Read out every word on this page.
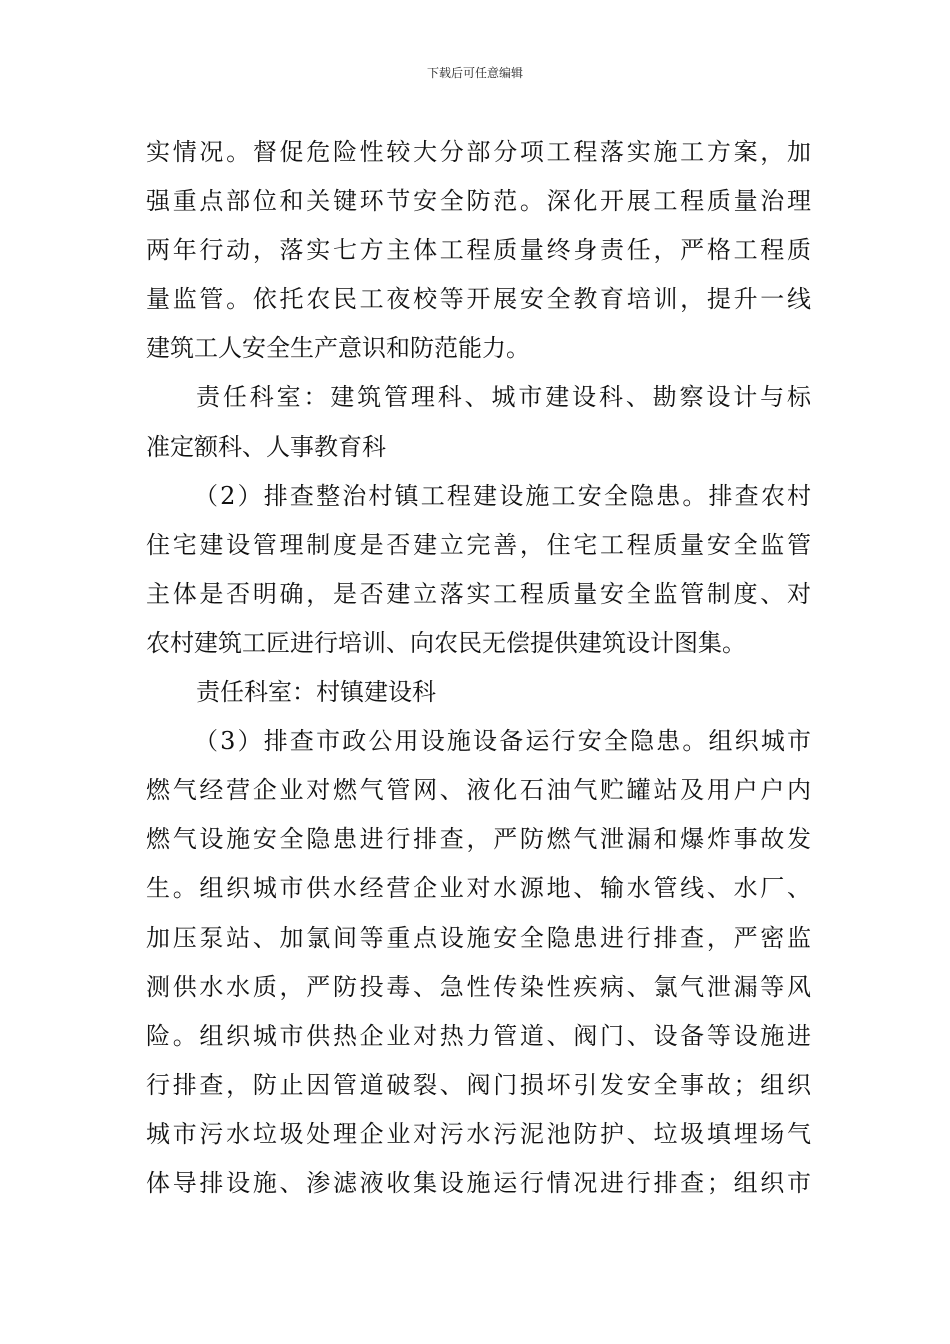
下载后可任意编辑
实情况。督促危险性较大分部分项工程落实施工方案，加
强重点部位和关键环节安全防范。深化开展工程质量治理
两年行动，落实七方主体工程质量终身责任，严格工程质
量监管。依托农民工夜校等开展安全教育培训，提升一线
建筑工人安全生产意识和防范能力。
责任科室：建筑管理科、城市建设科、勘察设计与标
准定额科、人事教育科
（2）排查整治村镇工程建设施工安全隐患。排查农村
住宅建设管理制度是否建立完善，住宅工程质量安全监管
主体是否明确，是否建立落实工程质量安全监管制度、对
农村建筑工匠进行培训、向农民无偿提供建筑设计图集。
责任科室：村镇建设科
（3）排查市政公用设施设备运行安全隐患。组织城市
燃气经营企业对燃气管网、液化石油气贮罐站及用户户内
燃气设施安全隐患进行排查，严防燃气泄漏和爆炸事故发
生。组织城市供水经营企业对水源地、输水管线、水厂、
加压泵站、加氯间等重点设施安全隐患进行排查，严密监
测供水水质，严防投毒、急性传染性疾病、氯气泄漏等风
险。组织城市供热企业对热力管道、阀门、设备等设施进
行排查，防止因管道破裂、阀门损坏引发安全事故；组织
城市污水垃圾处理企业对污水污泥池防护、垃圾填埋场气
体导排设施、渗滤液收集设施运行情况进行排查；组织市
